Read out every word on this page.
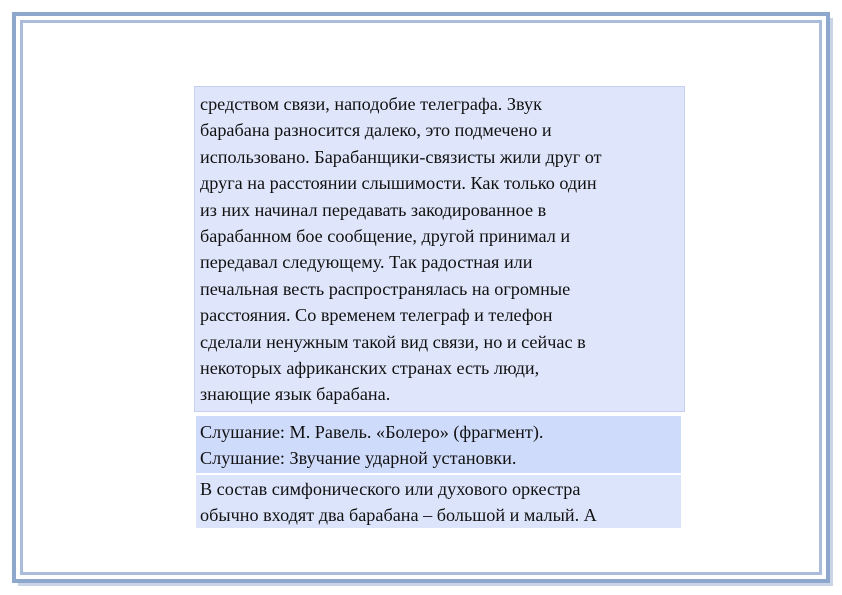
средством связи, наподобие телеграфа. Звук
барабана разносится далеко, это подмечено и
использовано. Барабанщики-связисты жили друг от
друга на расстоянии слышимости. Как только один
из них начинал передавать закодированное в
барабанном бое сообщение, другой принимал и
передавал следующему. Так радостная или
печальная весть распространялась на огромные
расстояния. Со временем телеграф и телефон
сделали ненужным такой вид связи, но и сейчас в
некоторых африканских странах есть люди,
знающие язык барабана.

Слушание: М. Равель. «Болеро» (фрагмент).
Слушание: Звучание ударной установки.
В состав симфонического или духового оркестра
обычно входят два барабана – большой и малый. А
